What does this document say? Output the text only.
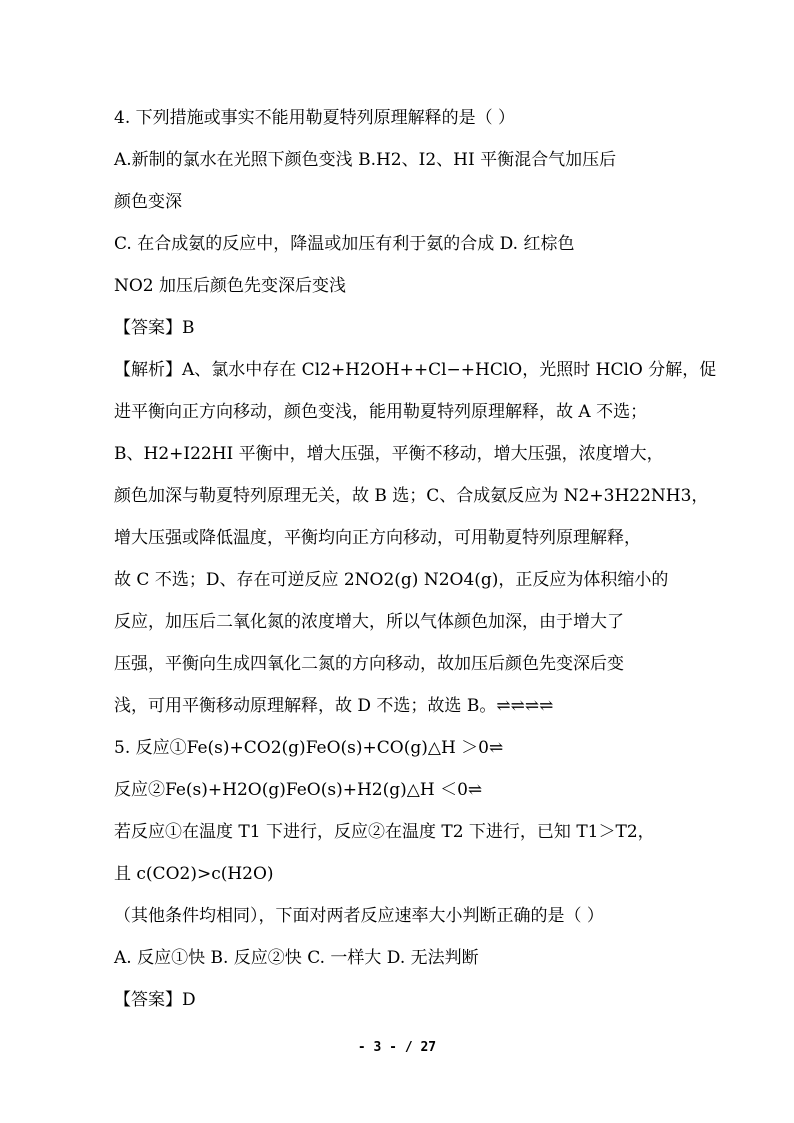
4. 下列措施或事实不能用勒夏特列原理解释的是（ ）
A.新制的氯水在光照下颜色变浅 B.H2、I2、HI 平衡混合气加压后
颜色变深
C. 在合成氨的反应中，降温或加压有利于氨的合成 D. 红棕色
NO2 加压后颜色先变深后变浅
【答案】B
【解析】A、氯水中存在 Cl2+H2OH++Cl−+HClO，光照时 HClO 分解，促
进平衡向正方向移动，颜色变浅，能用勒夏特列原理解释，故 A 不选；
B、H2+I22HI 平衡中，增大压强，平衡不移动，增大压强，浓度增大，
颜色加深与勒夏特列原理无关，故 B 选；C、合成氨反应为 N2+3H22NH3，
增大压强或降低温度，平衡均向正方向移动，可用勒夏特列原理解释，
故 C 不选；D、存在可逆反应 2NO2(g) N2O4(g)，正反应为体积缩小的
反应，加压后二氧化氮的浓度增大，所以气体颜色加深，由于增大了
压强，平衡向生成四氧化二氮的方向移动，故加压后颜色先变深后变
浅，可用平衡移动原理解释，故 D 不选；故选 B。⇌⇌⇌⇌
5. 反应①Fe(s)+CO2(g)FeO(s)+CO(g)△H ＞0⇌
反应②Fe(s)+H2O(g)FeO(s)+H2(g)△H ＜0⇌
若反应①在温度 T1 下进行，反应②在温度 T2 下进行，已知 T1＞T2，
且 c(CO2)>c(H2O)
（其他条件均相同），下面对两者反应速率大小判断正确的是（ ）
A. 反应①快 B. 反应②快 C. 一样大 D. 无法判断
【答案】D
- 3 - / 27
